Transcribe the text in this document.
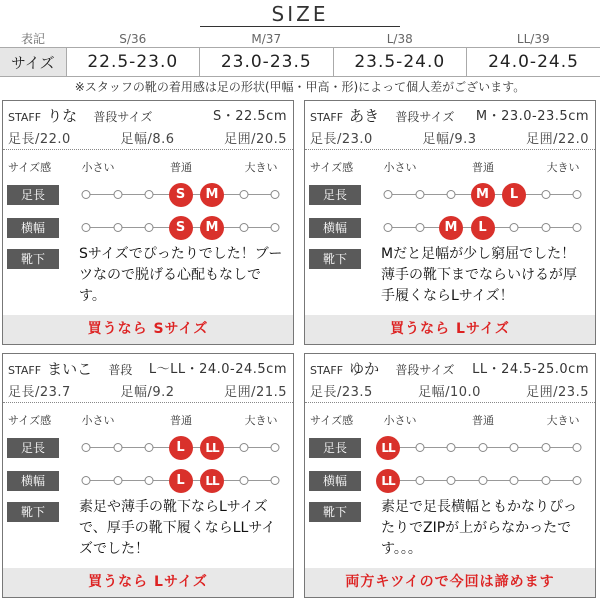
SIZE
表記	S/36	M/37	L/38	LL/39
サイズ	22.5-23.0	23.0-23.5	23.5-24.0	24.0-24.5
※スタッフの靴の着用感は足の形状(甲幅・甲高・形)によって個人差がございます。
STAFF りな 普段サイズ	S・22.5cm
足長/22.0	足幅/8.6	足囲/20.5
サイズ感	小さい	普通	大きい
足長	S	M
横幅	S	M
靴下	Sサイズでぴったりでした！ブーツなので脱げる心配もなしです。
買うなら Sサイズ
STAFF あき 普段サイズ M・23.0-23.5cm
足長/23.0	足幅/9.3	足囲/22.0
サイズ感	小さい	普通	大きい
足長	M	L
横幅	M	L
靴下	Mだと足幅が少し窮屈でした！薄手の靴下までならいけるが厚手履くならLサイズ！
買うなら Lサイズ
STAFF まいこ 普段 L〜LL・24.0-24.5cm
足長/23.7	足幅/9.2	足囲/21.5
サイズ感	小さい	普通	大きい
足長	L	LL
横幅	L	LL
靴下	素足や薄手の靴下ならLサイズで、厚手の靴下履くならLLサイズでした！
買うなら Lサイズ
STAFF ゆか 普段サイズ LL・24.5-25.0cm
足長/23.5	足幅/10.0	足囲/23.5
サイズ感	小さい	普通	大きい
足長	LL
横幅	LL
靴下	素足で足長横幅ともかなりぴったりでZIPが上がらなかったです。。。
両方キツイので今回は諦めます
